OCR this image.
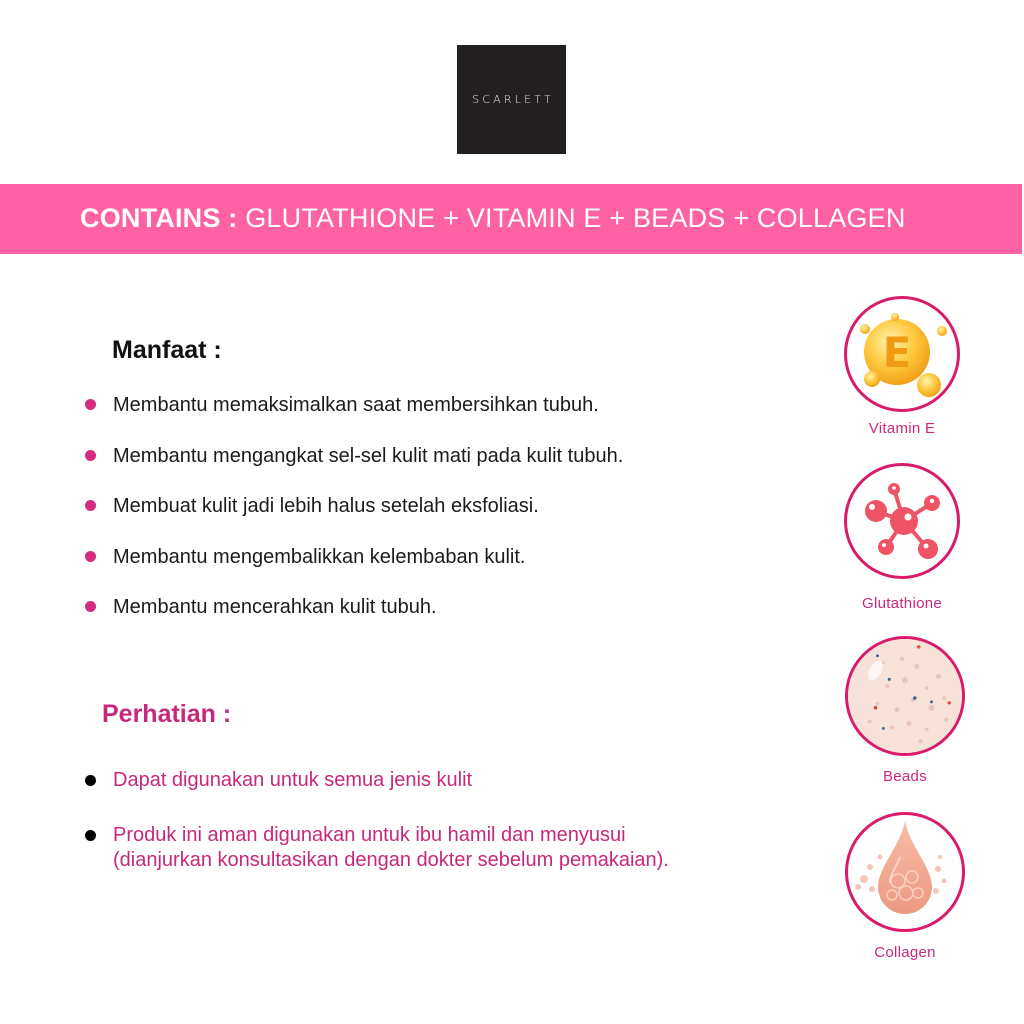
SCARLETT
CONTAINS : GLUTATHIONE + VITAMIN E + BEADS + COLLAGEN
Manfaat :
Membantu memaksimalkan saat membersihkan tubuh.
Membantu mengangkat sel-sel kulit mati pada kulit tubuh.
Membuat kulit jadi lebih halus setelah eksfoliasi.
Membantu mengembalikkan kelembaban kulit.
Membantu mencerahkan kulit tubuh.
Perhatian :
Dapat digunakan untuk semua jenis kulit
Produk ini aman digunakan untuk ibu hamil dan menyusui
(dianjurkan konsultasikan dengan dokter sebelum pemakaian).
E
Vitamin E
Glutathione
Beads
Collagen
